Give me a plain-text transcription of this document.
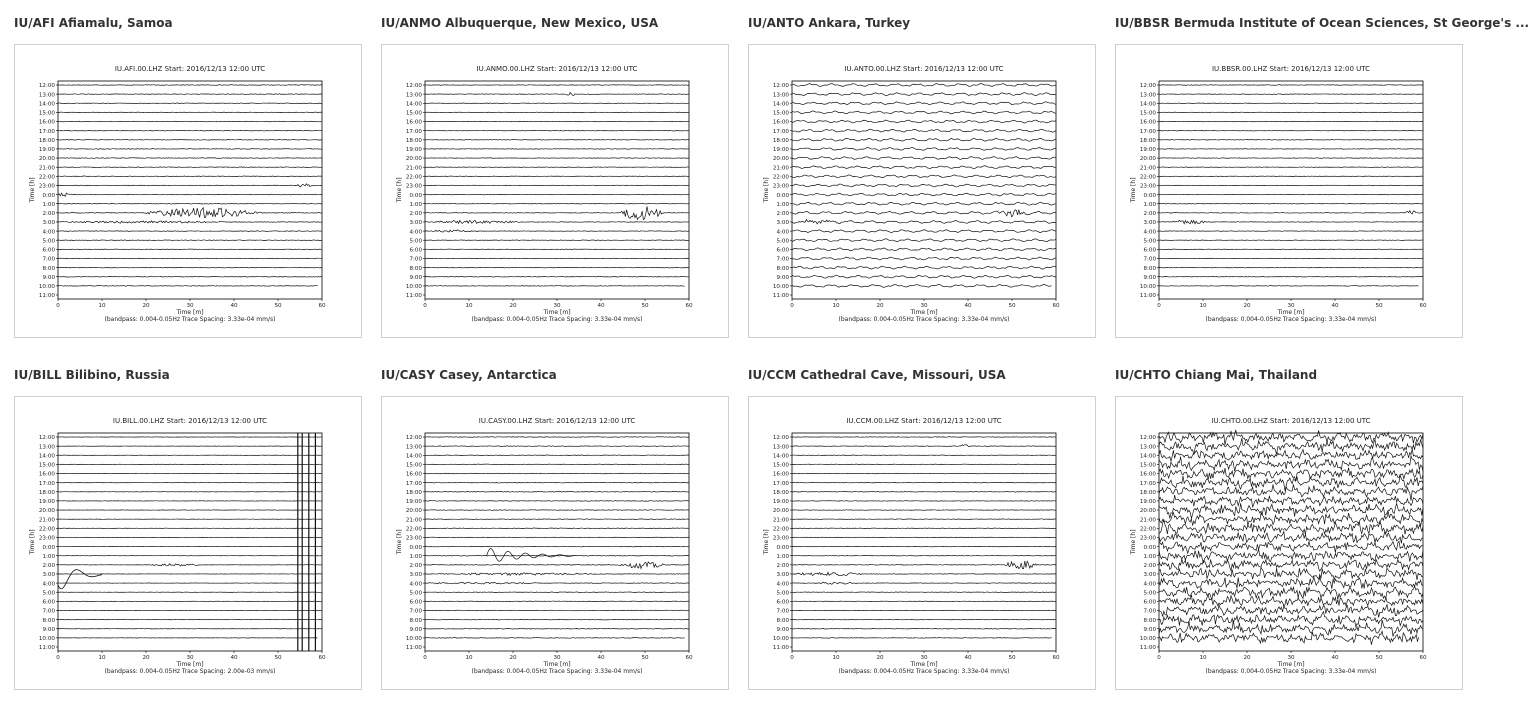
IU/AFI Afiamalu, Samoa
IU.AFI.00.LHZ Start: 2016/12/13 12:00 UTC
12:00
13:00
14:00
15:00
16:00
17:00
18:00
19:00
20:00
21:00
22:00
23:00
0:00
1:00
2:00
3:00
4:00
5:00
6:00
7:00
8:00
9:00
10:00
11:00
0	10	20	30	40	50	60
Time [m]
(bandpass: 0.004-0.05Hz Trace Spacing: 3.33e-04 mm/s)
Time [h]
IU/ANMO Albuquerque, New Mexico, USA
IU.ANMO.00.LHZ Start: 2016/12/13 12:00 UTC
12:00
13:00
14:00
15:00
16:00
17:00
18:00
19:00
20:00
21:00
22:00
23:00
0:00
1:00
2:00
3:00
4:00
5:00
6:00
7:00
8:00
9:00
10:00
11:00
0	10	20	30	40	50	60
Time [m]
(bandpass: 0.004-0.05Hz Trace Spacing: 3.33e-04 mm/s)
Time [h]
IU/ANTO Ankara, Turkey
IU.ANTO.00.LHZ Start: 2016/12/13 12:00 UTC
12:00
13:00
14:00
15:00
16:00
17:00
18:00
19:00
20:00
21:00
22:00
23:00
0:00
1:00
2:00
3:00
4:00
5:00
6:00
7:00
8:00
9:00
10:00
11:00
0	10	20	30	40	50	60
Time [m]
(bandpass: 0.004-0.05Hz Trace Spacing: 3.33e-04 mm/s)
Time [h]
IU/BBSR Bermuda Institute of Ocean Sciences, St George's ...
IU.BBSR.00.LHZ Start: 2016/12/13 12:00 UTC
12:00
13:00
14:00
15:00
16:00
17:00
18:00
19:00
20:00
21:00
22:00
23:00
0:00
1:00
2:00
3:00
4:00
5:00
6:00
7:00
8:00
9:00
10:00
11:00
0	10	20	30	40	50	60
Time [m]
(bandpass: 0.004-0.05Hz Trace Spacing: 3.33e-04 mm/s)
Time [h]
IU/BILL Bilibino, Russia
IU.BILL.00.LHZ Start: 2016/12/13 12:00 UTC
12:00
13:00
14:00
15:00
16:00
17:00
18:00
19:00
20:00
21:00
22:00
23:00
0:00
1:00
2:00
3:00
4:00
5:00
6:00
7:00
8:00
9:00
10:00
11:00
0	10	20	30	40	50	60
Time [m]
(bandpass: 0.004-0.05Hz Trace Spacing: 2.00e-03 mm/s)
Time [h]
IU/CASY Casey, Antarctica
IU.CASY.00.LHZ Start: 2016/12/13 12:00 UTC
12:00
13:00
14:00
15:00
16:00
17:00
18:00
19:00
20:00
21:00
22:00
23:00
0:00
1:00
2:00
3:00
4:00
5:00
6:00
7:00
8:00
9:00
10:00
11:00
0	10	20	30	40	50	60
Time [m]
(bandpass: 0.004-0.05Hz Trace Spacing: 3.33e-04 mm/s)
Time [h]
IU/CCM Cathedral Cave, Missouri, USA
IU.CCM.00.LHZ Start: 2016/12/13 12:00 UTC
12:00
13:00
14:00
15:00
16:00
17:00
18:00
19:00
20:00
21:00
22:00
23:00
0:00
1:00
2:00
3:00
4:00
5:00
6:00
7:00
8:00
9:00
10:00
11:00
0	10	20	30	40	50	60
Time [m]
(bandpass: 0.004-0.05Hz Trace Spacing: 3.33e-04 mm/s)
Time [h]
IU/CHTO Chiang Mai, Thailand
IU.CHTO.00.LHZ Start: 2016/12/13 12:00 UTC
12:00
13:00
14:00
15:00
16:00
17:00
18:00
19:00
20:00
21:00
22:00
23:00
0:00
1:00
2:00
3:00
4:00
5:00
6:00
7:00
8:00
9:00
10:00
11:00
0	10	20	30	40	50	60
Time [m]
(bandpass: 0.004-0.05Hz Trace Spacing: 3.33e-04 mm/s)
Time [h]
